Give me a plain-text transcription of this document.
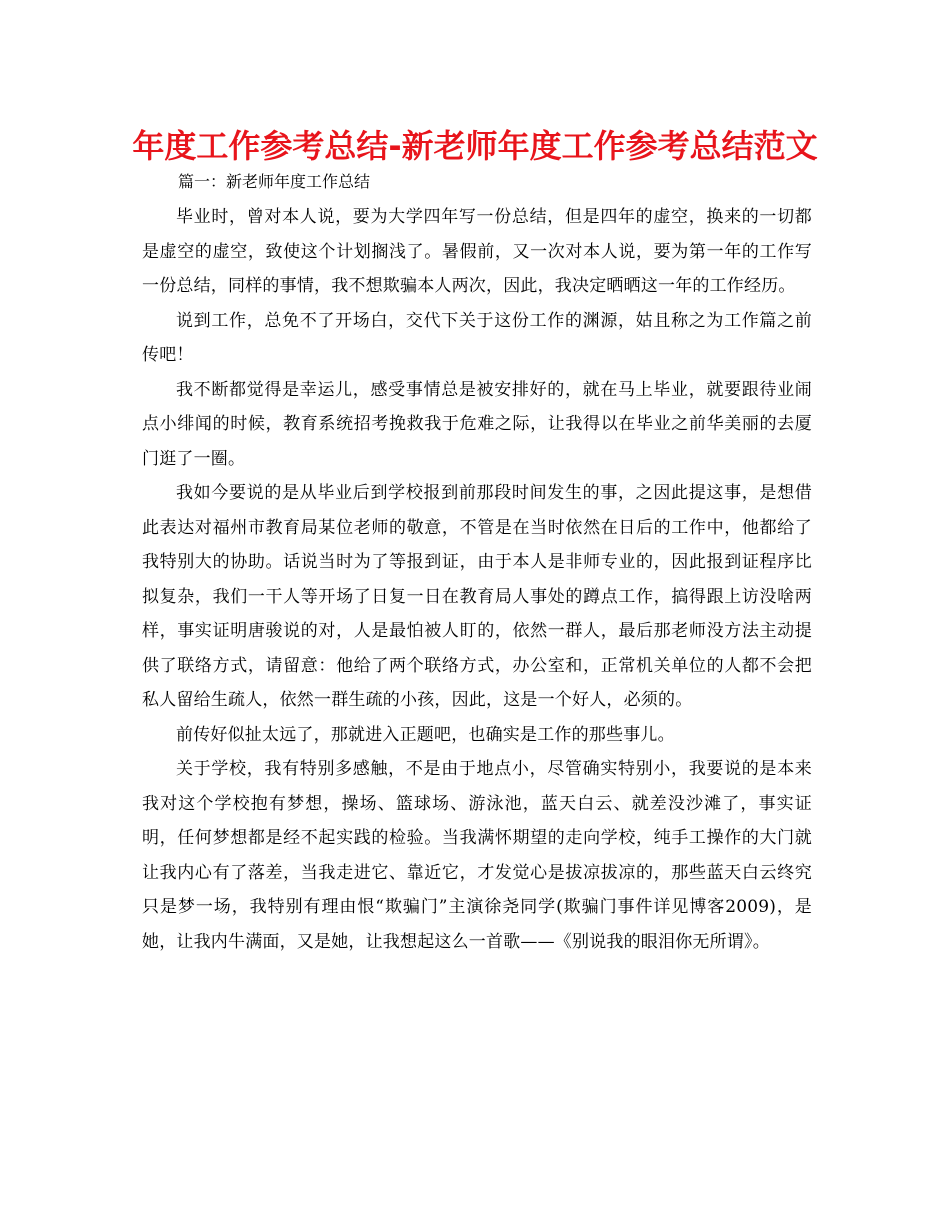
年度工作参考总结-新老师年度工作参考总结范文
篇一：新老师年度工作总结

毕业时，曾对本人说，要为大学四年写一份总结，但是四年的虚空，换来的一切都是虚空的虚空，致使这个计划搁浅了。暑假前，又一次对本人说，要为第一年的工作写一份总结，同样的事情，我不想欺骗本人两次，因此，我决定晒晒这一年的工作经历。

说到工作，总免不了开场白，交代下关于这份工作的渊源，姑且称之为工作篇之前传吧！

我不断都觉得是幸运儿，感受事情总是被安排好的，就在马上毕业，就要跟待业闹点小绯闻的时候，教育系统招考挽救我于危难之际，让我得以在毕业之前华美丽的去厦门逛了一圈。

我如今要说的是从毕业后到学校报到前那段时间发生的事，之因此提这事，是想借此表达对福州市教育局某位老师的敬意，不管是在当时依然在日后的工作中，他都给了我特别大的协助。话说当时为了等报到证，由于本人是非师专业的，因此报到证程序比拟复杂，我们一干人等开场了日复一日在教育局人事处的蹲点工作，搞得跟上访没啥两样，事实证明唐骏说的对，人是最怕被人盯的，依然一群人，最后那老师没方法主动提供了联络方式，请留意：他给了两个联络方式，办公室和，正常机关单位的人都不会把私人留给生疏人，依然一群生疏的小孩，因此，这是一个好人，必须的。

前传好似扯太远了，那就进入正题吧，也确实是工作的那些事儿。

关于学校，我有特别多感触，不是由于地点小，尽管确实特别小，我要说的是本来我对这个学校抱有梦想，操场、篮球场、游泳池，蓝天白云、就差没沙滩了，事实证明，任何梦想都是经不起实践的检验。当我满怀期望的走向学校，纯手工操作的大门就让我内心有了落差，当我走进它、靠近它，才发觉心是拔凉拔凉的，那些蓝天白云终究只是梦一场，我特别有理由恨“欺骗门”主演徐尧同学(欺骗门事件详见博客2009)，是她，让我内牛满面，又是她，让我想起这么一首歌——《别说我的眼泪你无所谓》。
